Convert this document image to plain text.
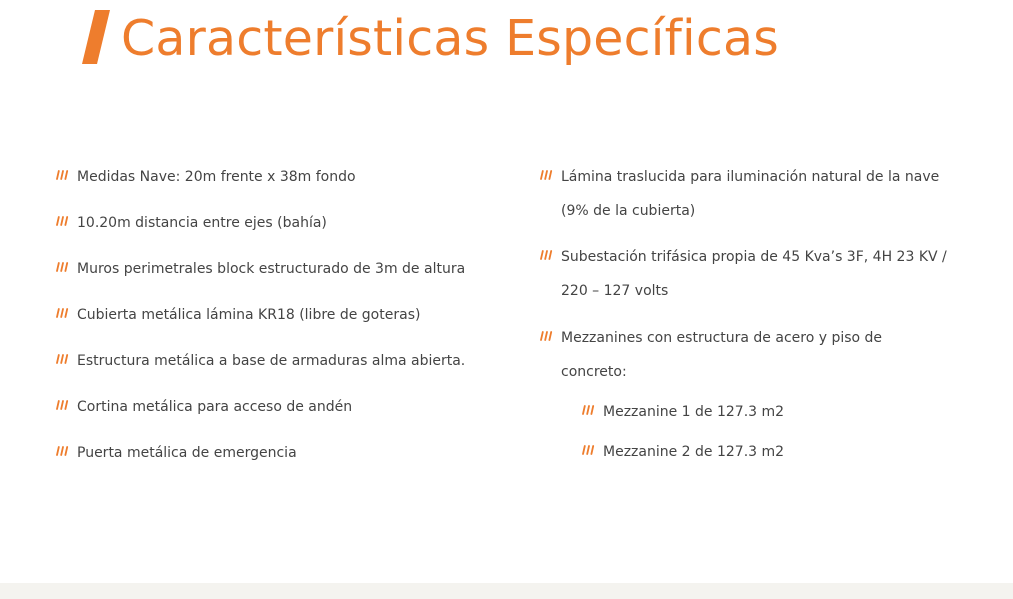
Características Específicas
Medidas Nave: 20m frente x 38m fondo
10.20m distancia entre ejes (bahía)
Muros perimetrales block estructurado de 3m de altura
Cubierta metálica lámina KR18 (libre de goteras)
Estructura metálica a base de armaduras alma abierta.
Cortina metálica para acceso de andén
Puerta metálica de emergencia
Lámina traslucida para iluminación natural de la nave
(9% de la cubierta)
Subestación trifásica propia de 45 Kva’s 3F, 4H 23 KV /
220 – 127 volts
Mezzanines con estructura de acero y piso de
concreto:
Mezzanine 1 de 127.3 m2
Mezzanine 2 de 127.3 m2
